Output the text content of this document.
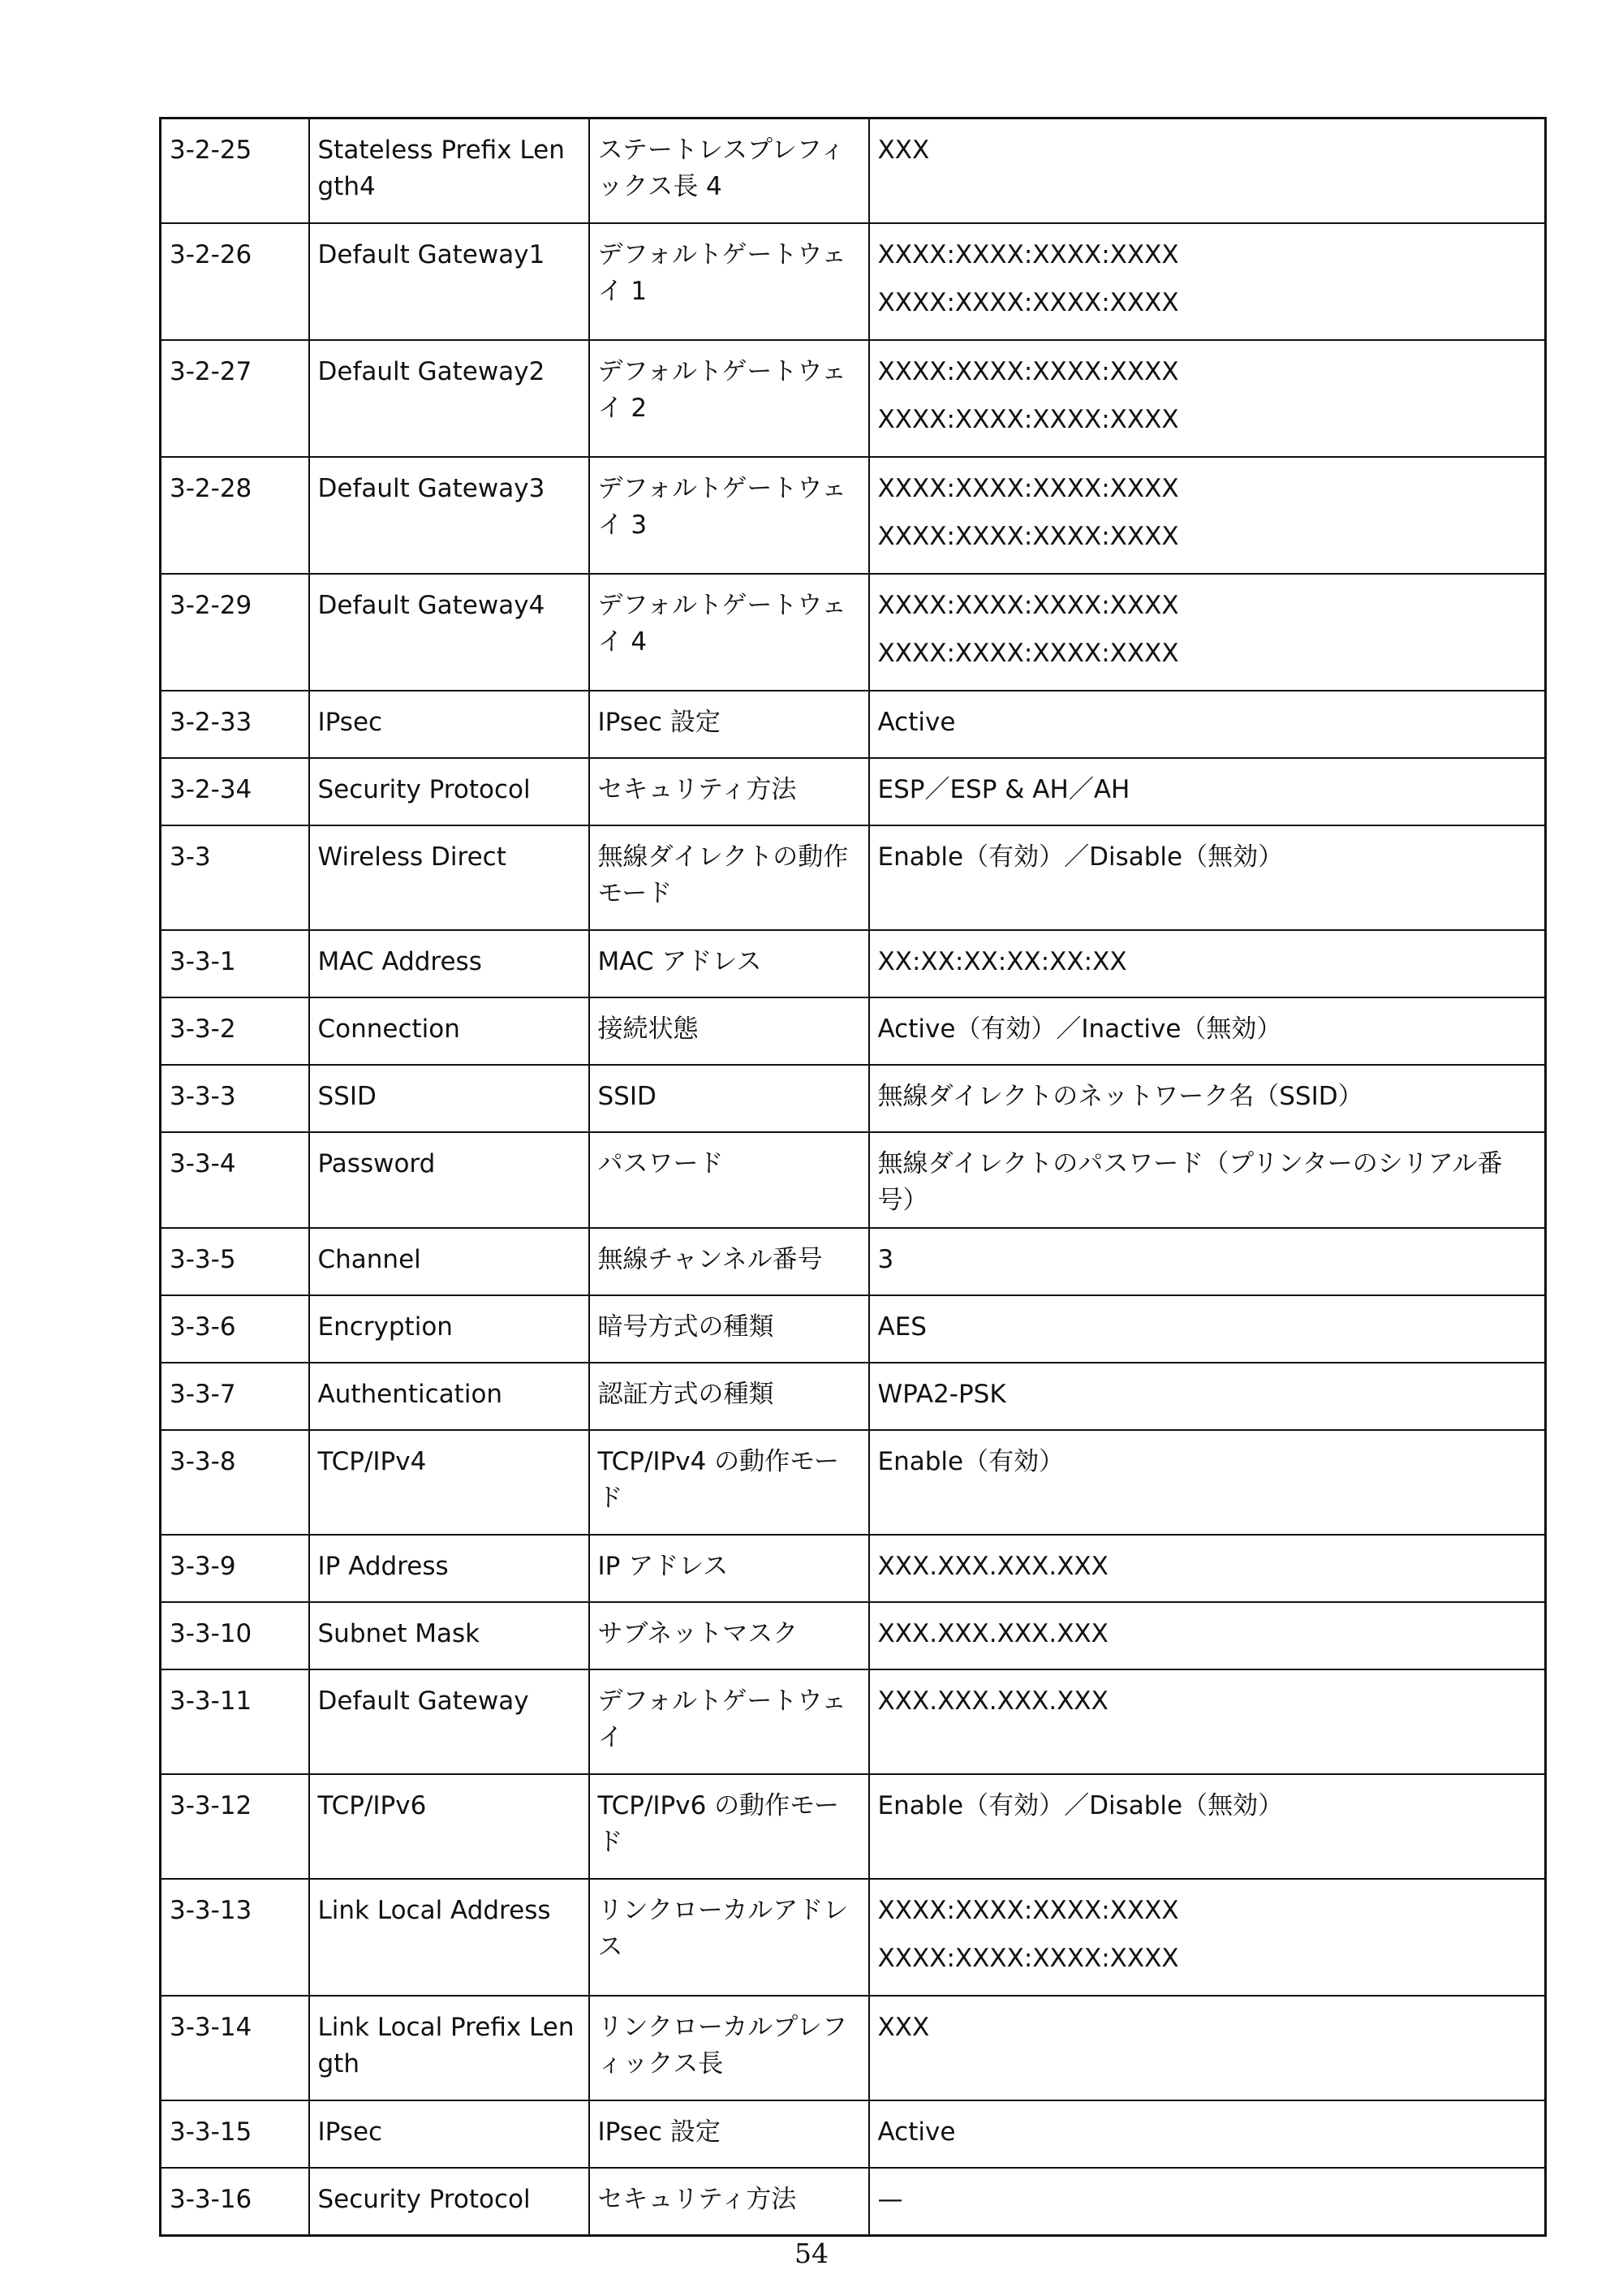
3-2-25	Stateless Prefix Length4	ステートレスプレフィックス長 4	XXX

3-2-26	Default Gateway1	デフォルトゲートウェイ 1	XXXX:XXXX:XXXX:XXXX
XXXX:XXXX:XXXX:XXXX

3-2-27	Default Gateway2	デフォルトゲートウェイ 2	XXXX:XXXX:XXXX:XXXX
XXXX:XXXX:XXXX:XXXX

3-2-28	Default Gateway3	デフォルトゲートウェイ 3	XXXX:XXXX:XXXX:XXXX
XXXX:XXXX:XXXX:XXXX

3-2-29	Default Gateway4	デフォルトゲートウェイ 4	XXXX:XXXX:XXXX:XXXX
XXXX:XXXX:XXXX:XXXX

3-2-33	IPsec	IPsec 設定	Active

3-2-34	Security Protocol	セキュリティ方法	ESP／ESP & AH／AH

3-3	Wireless Direct	無線ダイレクトの動作モード	Enable（有効）／Disable（無効）

3-3-1	MAC Address	MAC アドレス	XX:XX:XX:XX:XX:XX

3-3-2	Connection	接続状態	Active（有効）／Inactive（無効）

3-3-3	SSID	SSID	無線ダイレクトのネットワーク名（SSID）

3-3-4	Password	パスワード	無線ダイレクトのパスワード（プリンターのシリアル番号）

3-3-5	Channel	無線チャンネル番号	3

3-3-6	Encryption	暗号方式の種類	AES

3-3-7	Authentication	認証方式の種類	WPA2-PSK

3-3-8	TCP/IPv4	TCP/IPv4 の動作モード	Enable（有効）

3-3-9	IP Address	IP アドレス	XXX.XXX.XXX.XXX

3-3-10	Subnet Mask	サブネットマスク	XXX.XXX.XXX.XXX

3-3-11	Default Gateway	デフォルトゲートウェイ	XXX.XXX.XXX.XXX

3-3-12	TCP/IPv6	TCP/IPv6 の動作モード	Enable（有効）／Disable（無効）

3-3-13	Link Local Address	リンクローカルアドレス	XXXX:XXXX:XXXX:XXXX
XXXX:XXXX:XXXX:XXXX

3-3-14	Link Local Prefix Length	リンクローカルプレフィックス長	XXX

3-3-15	IPsec	IPsec 設定	Active

3-3-16	Security Protocol	セキュリティ方法	—
54
